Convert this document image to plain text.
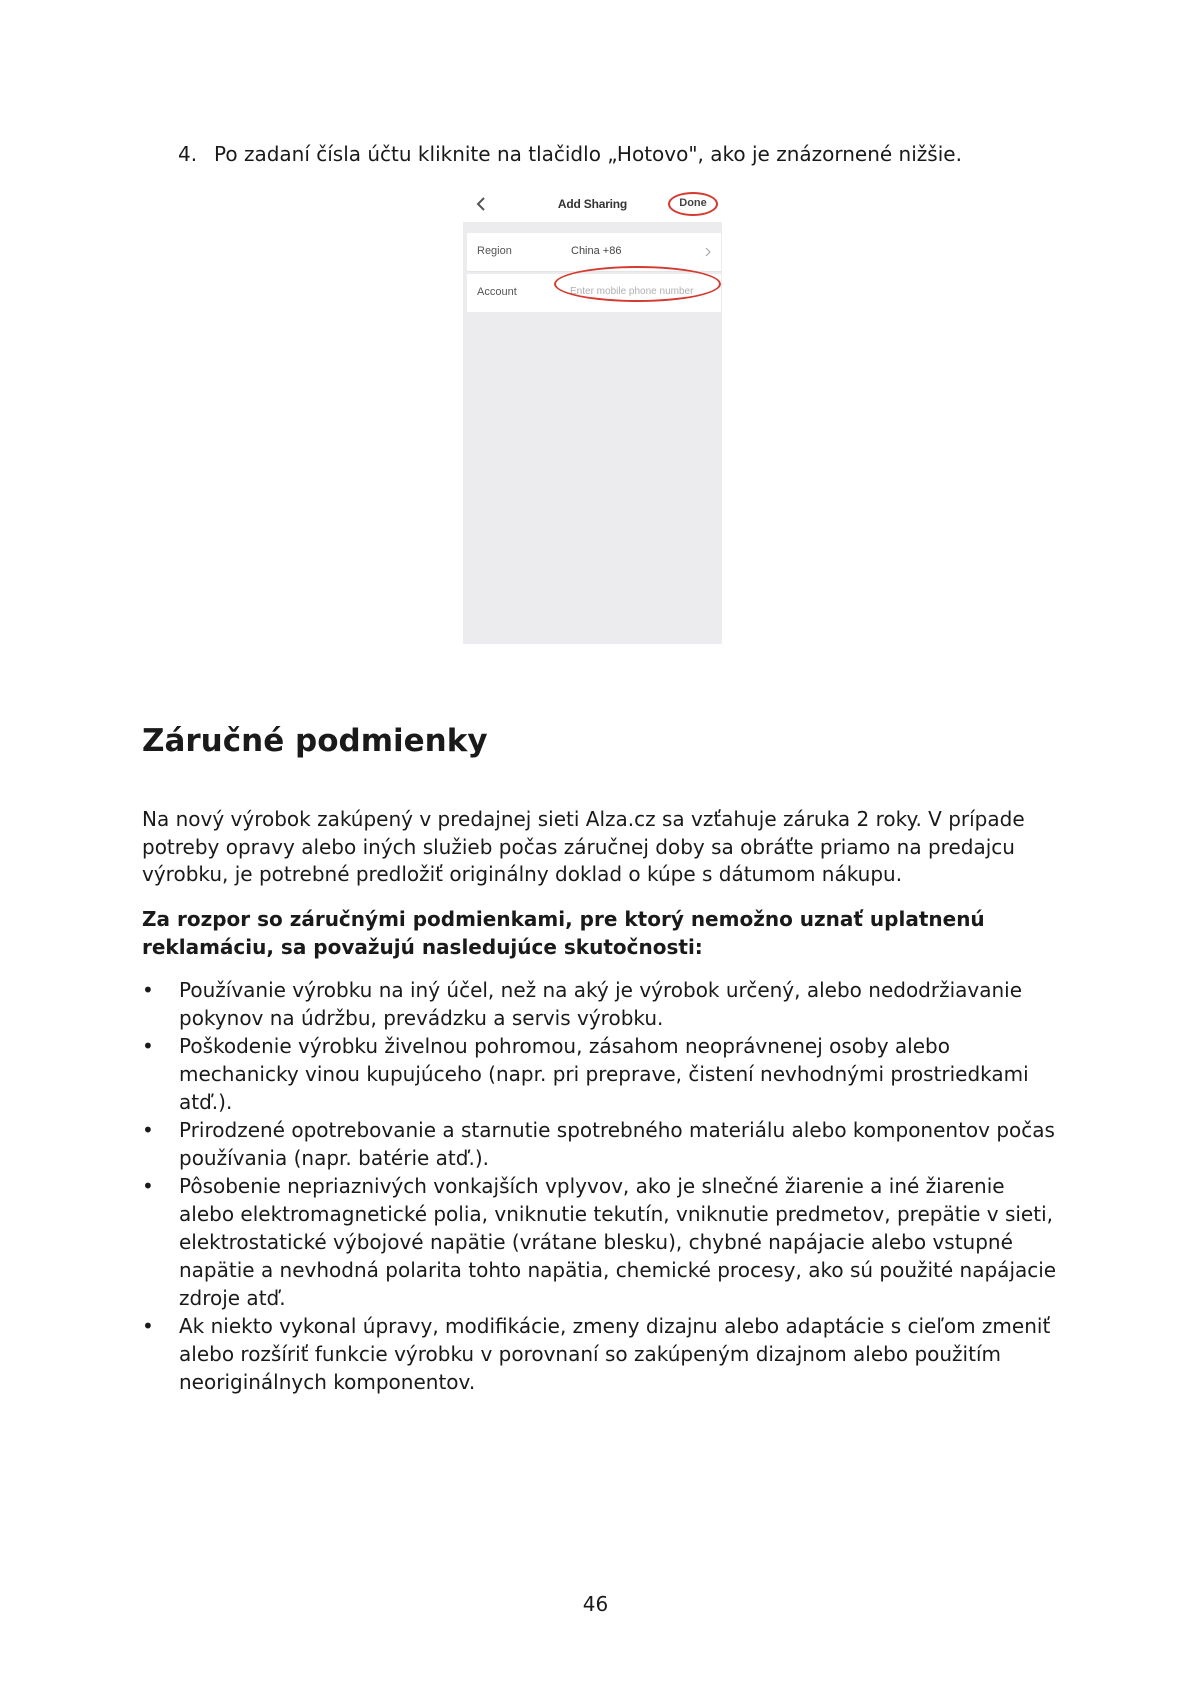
4. Po zadaní čísla účtu kliknite na tlačidlo „Hotovo", ako je znázornené nižšie.
Add Sharing	Done
Region	China +86
Account
Enter mobile phone number
Záručné podmienky

Na nový výrobok zakúpený v predajnej sieti Alza.cz sa vzťahuje záruka 2 roky. V prípade potreby opravy alebo iných služieb počas záručnej doby sa obráťte priamo na predajcu výrobku, je potrebné predložiť originálny doklad o kúpe s dátumom nákupu.

Za rozpor so záručnými podmienkami, pre ktorý nemožno uznať uplatnenú reklamáciu, sa považujú nasledujúce skutočnosti:

• Používanie výrobku na iný účel, než na aký je výrobok určený, alebo nedodržiavanie pokynov na údržbu, prevádzku a servis výrobku.
• Poškodenie výrobku živelnou pohromou, zásahom neoprávnenej osoby alebo mechanicky vinou kupujúceho (napr. pri preprave, čistení nevhodnými prostriedkami atď.).
• Prirodzené opotrebovanie a starnutie spotrebného materiálu alebo komponentov počas používania (napr. batérie atď.).
• Pôsobenie nepriaznivých vonkajších vplyvov, ako je slnečné žiarenie a iné žiarenie alebo elektromagnetické polia, vniknutie tekutín, vniknutie predmetov, prepätie v sieti, elektrostatické výbojové napätie (vrátane blesku), chybné napájacie alebo vstupné napätie a nevhodná polarita tohto napätia, chemické procesy, ako sú použité napájacie zdroje atď.
• Ak niekto vykonal úpravy, modifikácie, zmeny dizajnu alebo adaptácie s cieľom zmeniť alebo rozšíriť funkcie výrobku v porovnaní so zakúpeným dizajnom alebo použitím neoriginálnych komponentov.
46
